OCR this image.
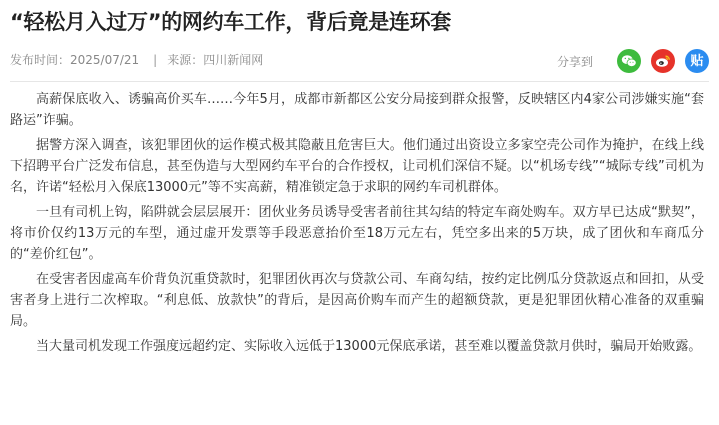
“轻松月入过万”的网约车工作，背后竟是连环套
发布时间：2025/07/21 | 来源：四川新闻网	分享到	贴

高薪保底收入、诱骗高价买车……今年5月，成都市新都区公安分局接到群众报警，反映辖区内4家公司涉嫌实施“套路运”诈骗。

据警方深入调查，该犯罪团伙的运作模式极其隐蔽且危害巨大。他们通过出资设立多家空壳公司作为掩护，在线上线下招聘平台广泛发布信息，甚至伪造与大型网约车平台的合作授权，让司机们深信不疑。以“机场专线”“城际专线”司机为名，许诺“轻松月入保底13000元”等不实高薪，精准锁定急于求职的网约车司机群体。

一旦有司机上钩，陷阱就会层层展开：团伙业务员诱导受害者前往其勾结的特定车商处购车。双方早已达成“默契”，将市价仅约13万元的车型，通过虚开发票等手段恶意抬价至18万元左右，凭空多出来的5万块，成了团伙和车商瓜分的“差价红包”。

在受害者因虚高车价背负沉重贷款时，犯罪团伙再次与贷款公司、车商勾结，按约定比例瓜分贷款返点和回扣，从受害者身上进行二次榨取。“利息低、放款快”的背后，是因高价购车而产生的超额贷款，更是犯罪团伙精心准备的双重骗局。

当大量司机发现工作强度远超约定、实际收入远低于13000元保底承诺，甚至难以覆盖贷款月供时，骗局开始败露。
